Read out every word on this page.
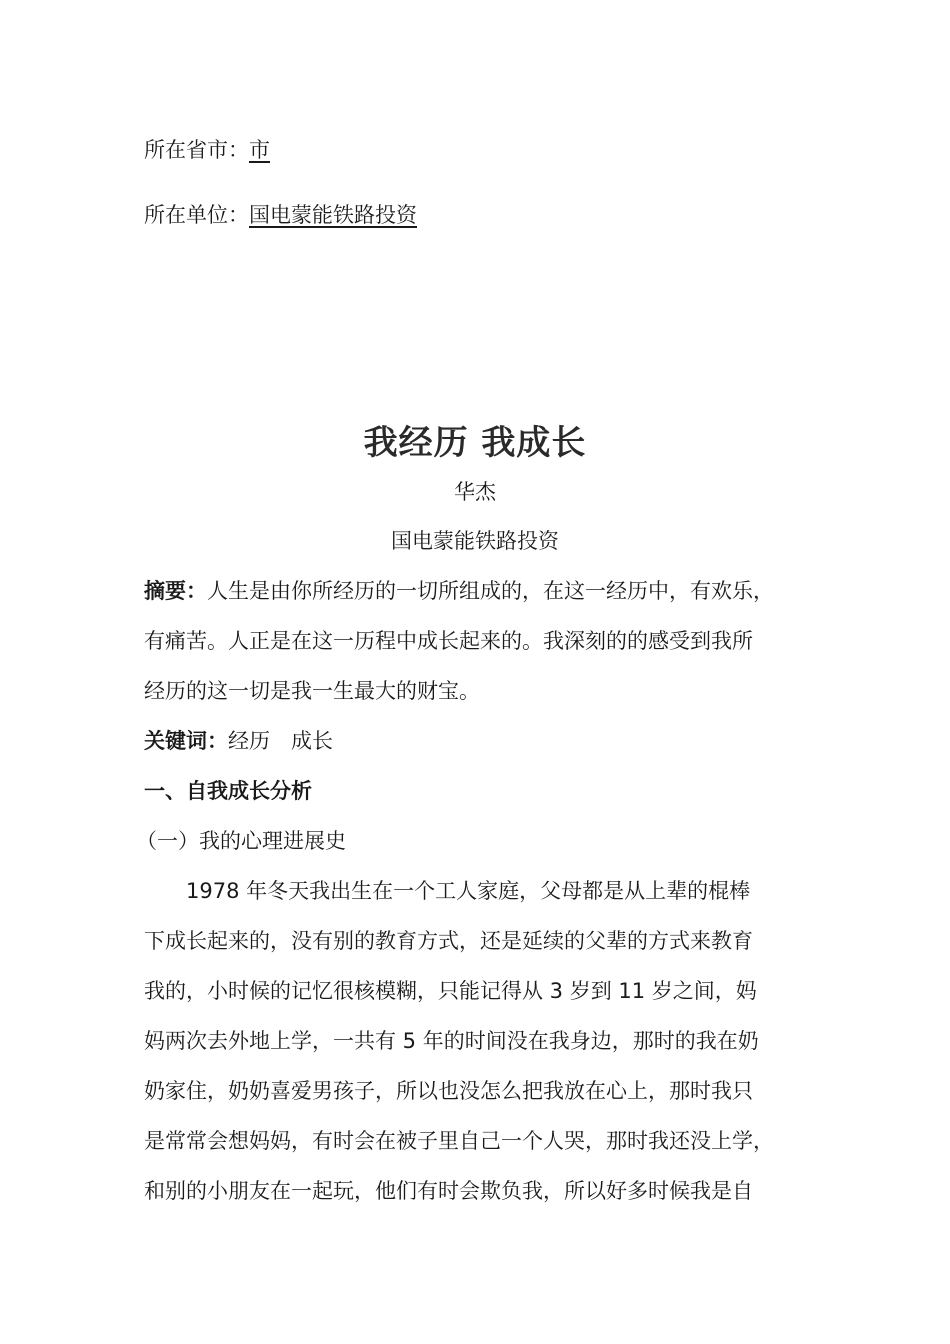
所在省市：市
所在单位：国电蒙能铁路投资
我经历 我成长
华杰
国电蒙能铁路投资
摘要：人生是由你所经历的一切所组成的，在这一经历中，有欢乐，
有痛苦。人正是在这一历程中成长起来的。我深刻的的感受到我所
经历的这一切是我一生最大的财宝。
关键词：经历　成长
一、自我成长分析
（一）我的心理进展史
　　1978 年冬天我出生在一个工人家庭，父母都是从上辈的棍棒
下成长起来的，没有别的教育方式，还是延续的父辈的方式来教育
我的，小时候的记忆很核模糊，只能记得从 3 岁到 11 岁之间，妈
妈两次去外地上学，一共有 5 年的时间没在我身边，那时的我在奶
奶家住，奶奶喜爱男孩子，所以也没怎么把我放在心上，那时我只
是常常会想妈妈，有时会在被子里自己一个人哭，那时我还没上学，
和别的小朋友在一起玩，他们有时会欺负我，所以好多时候我是自
